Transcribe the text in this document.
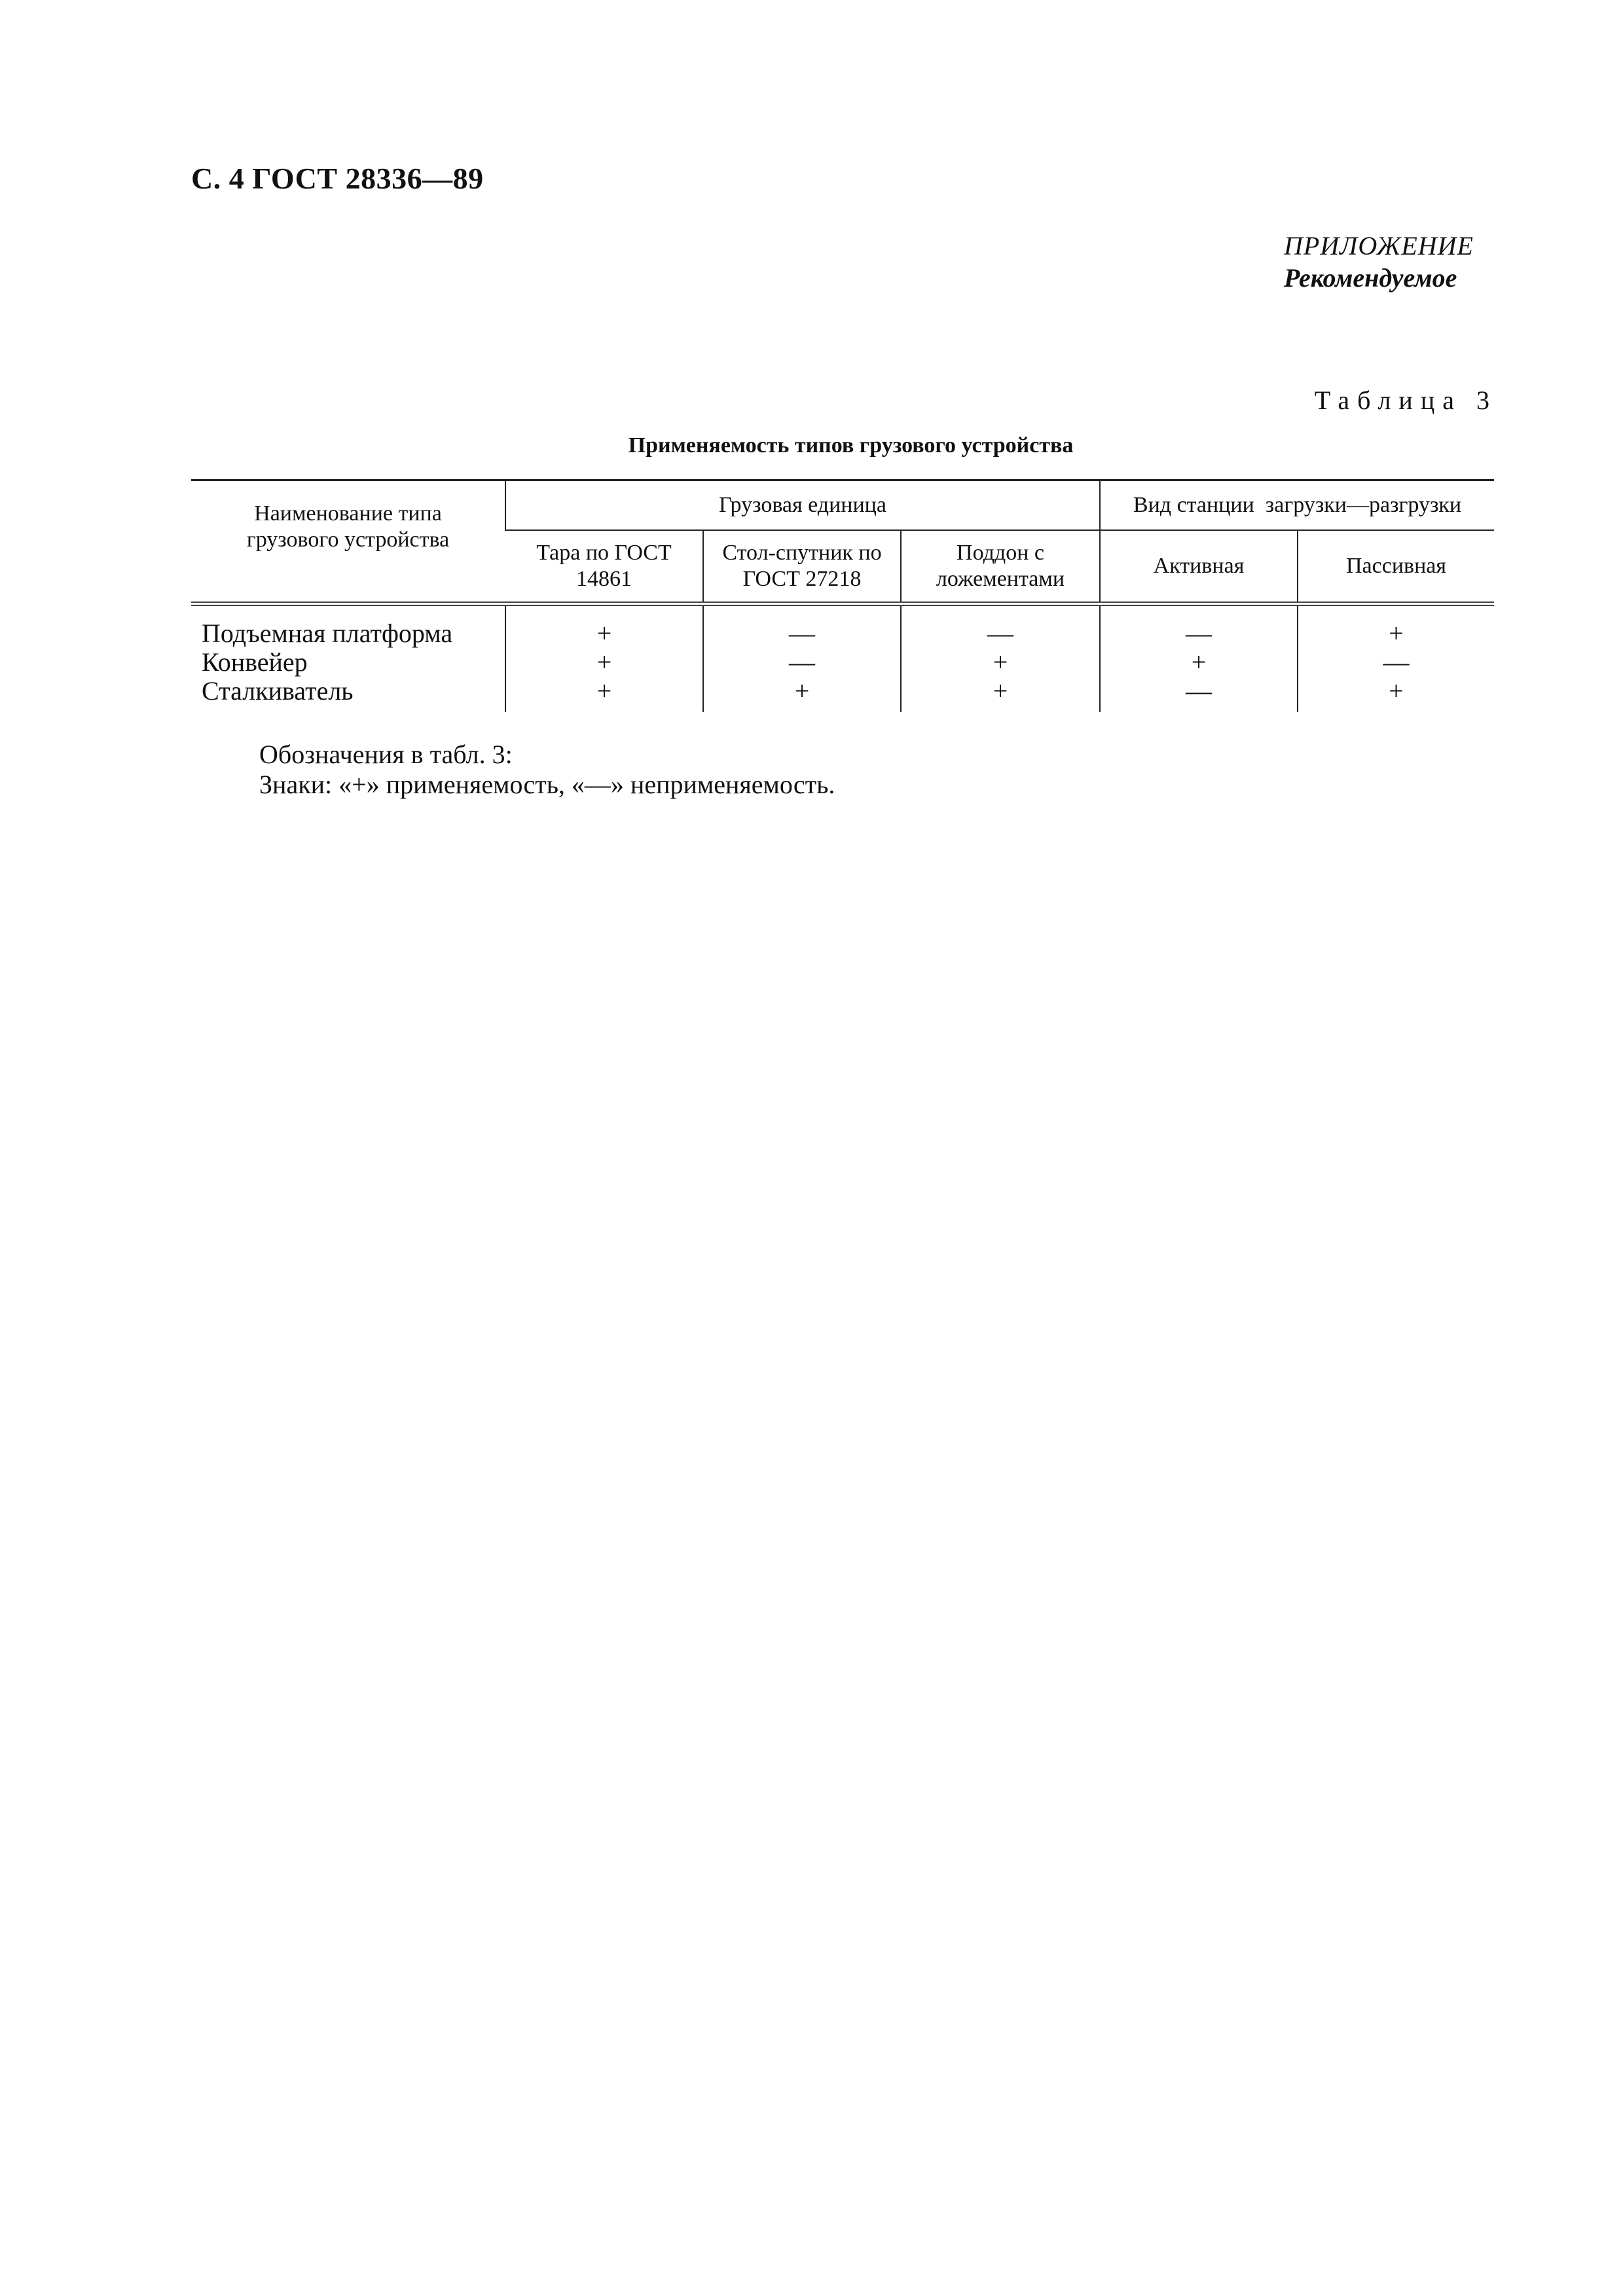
С. 4 ГОСТ 28336—89
ПРИЛОЖЕНИЕ
Рекомендуемое
Таблица 3
Применяемость типов грузового устройства
Наименование типа грузового устройства	Грузовая единица			Вид станции  загрузки—разгрузки	

	Тара по ГОСТ 14861	Стол-спутник по ГОСТ 27218	Поддон с ложементами	Активная	Пассивная
Подъемная платформа	+	—	—	—	+
Конвейер	+	—	+	+	—
Сталкиватель	+	+	+	—	+
Обозначения в табл. 3:
Знаки: «+» применяемость, «—» неприменяемость.
